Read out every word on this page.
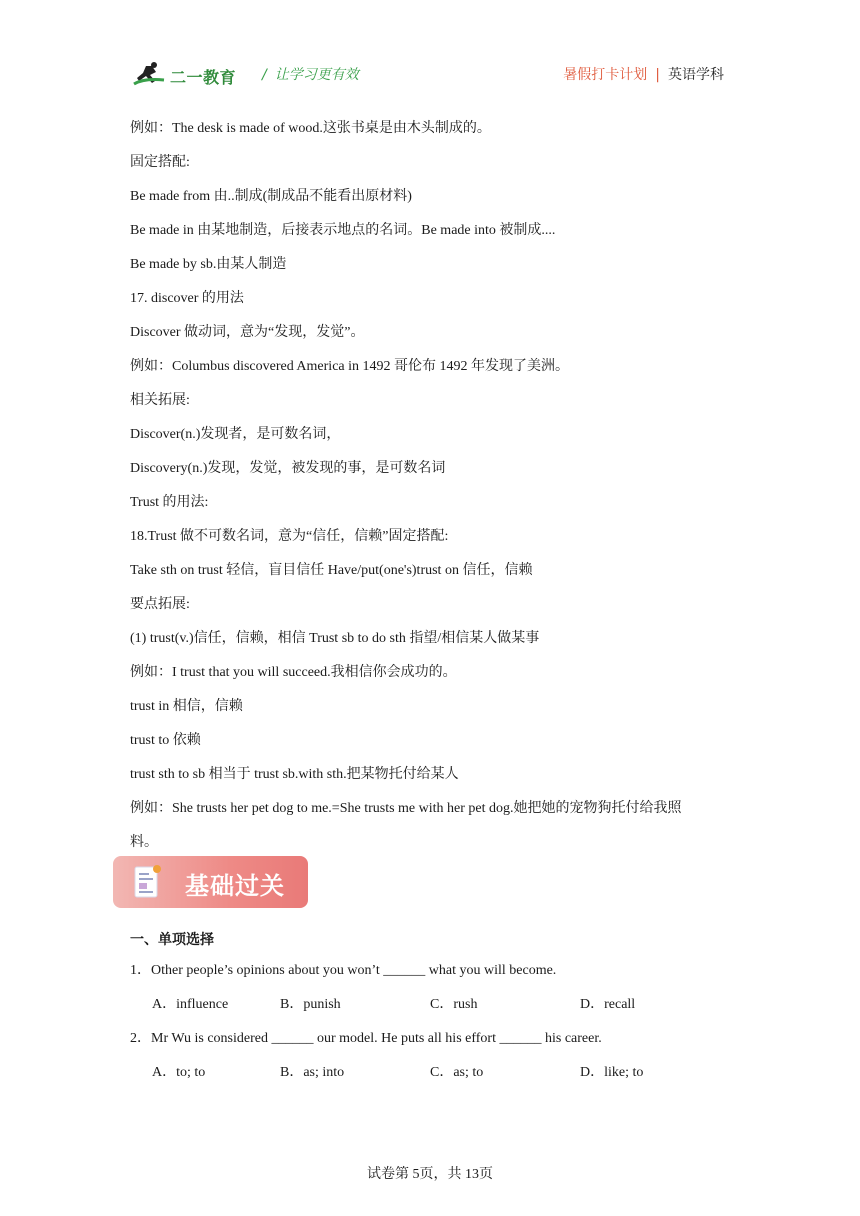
二一教育 / 让学习更有效	暑假打卡计划 | 英语学科
例如：The desk is made of wood.这张书桌是由木头制成的。
固定搭配:
Be made from 由..制成(制成品不能看出原材料)
Be made in 由某地制造，后接表示地点的名词。Be made into 被制成....
Be made by sb.由某人制造
17. discover 的用法
Discover 做动词，意为“发现，发觉”。
例如：Columbus discovered America in 1492 哥伦布 1492 年发现了美洲。
相关拓展:
Discover(n.)发现者，是可数名词，
Discovery(n.)发现，发觉，被发现的事，是可数名词
Trust 的用法:
18.Trust 做不可数名词，意为“信任，信赖”固定搭配:
Take sth on trust 轻信，盲目信任 Have/put(one's)trust on 信任，信赖
要点拓展:
(1) trust(v.)信任，信赖，相信 Trust sb to do sth 指望/相信某人做某事
例如：I trust that you will succeed.我相信你会成功的。
trust in 相信，信赖
trust to 依赖
trust sth to sb 相当于 trust sb.with sth.把某物托付给某人
例如：She trusts her pet dog to me.=She trusts me with her pet dog.她把她的宠物狗托付给我照
料。
基础过关
一、单项选择
1．Other people’s opinions about you won’t ______ what you will become.
A．influence	B．punish	C．rush	D．recall
2．Mr Wu is considered ______ our model. He puts all his effort ______ his career.
A．to; to	B．as; into	C．as; to	D．like; to
试卷第 5页，共 13页
